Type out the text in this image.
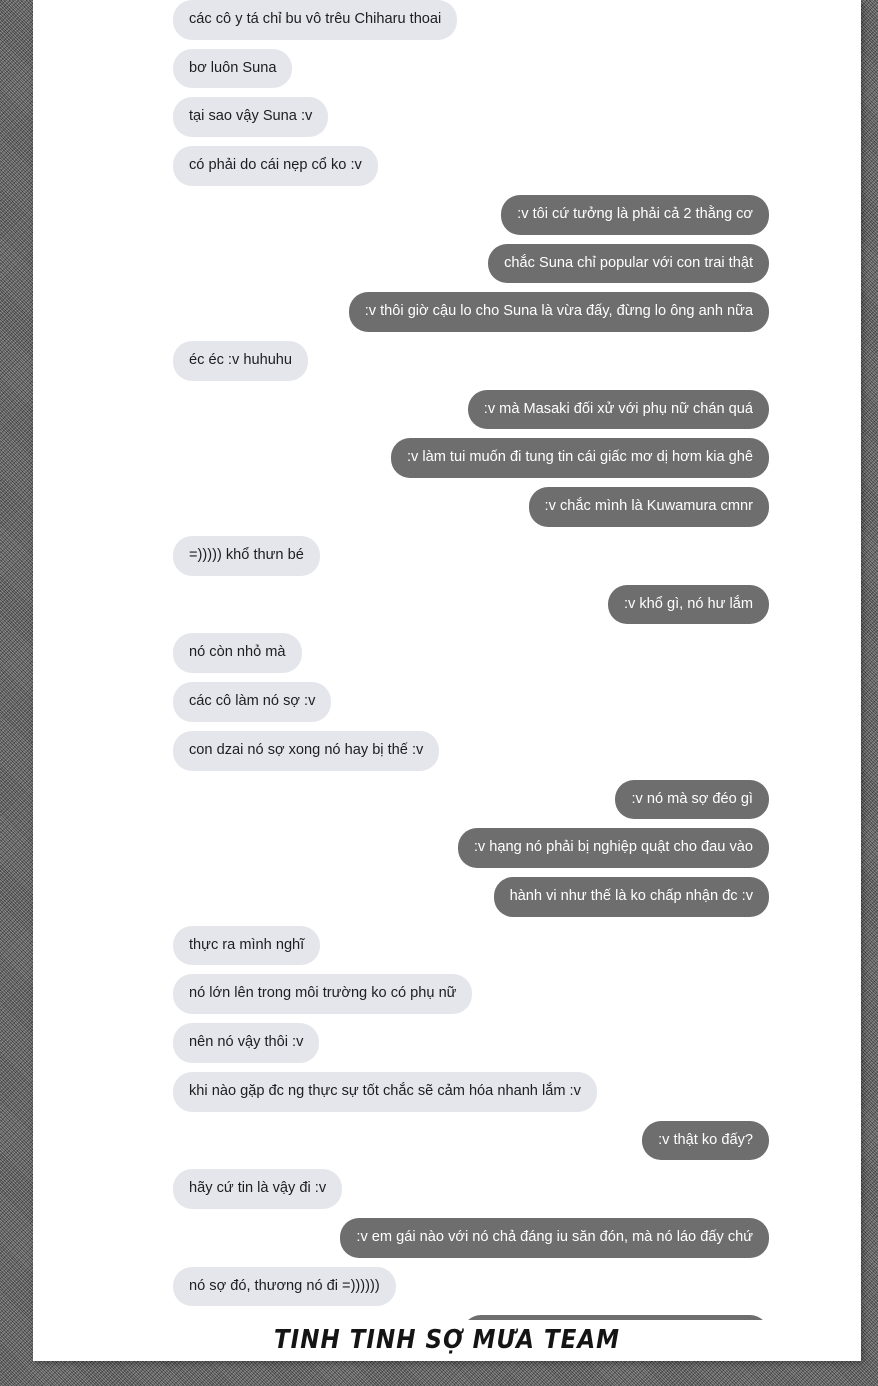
các cô y tá chỉ bu vô trêu Chiharu thoai
bơ luôn Suna
tại sao vậy Suna :v
có phải do cái nẹp cổ ko :v
:v tôi cứ tưởng là phải cả 2 thằng cơ
chắc Suna chỉ popular với con trai thật
:v thôi giờ cậu lo cho Suna là vừa đấy, đừng lo ông anh nữa
éc éc :v huhuhu
:v mà Masaki đối xử với phụ nữ chán quá
:v làm tui muốn đi tung tin cái giấc mơ dị hơm kia ghê
:v chắc mình là Kuwamura cmnr
=))))) khổ thưn bé
:v khổ gì, nó hư lắm
nó còn nhỏ mà
các cô làm nó sợ :v
con dzai nó sợ xong nó hay bị thế :v
:v nó mà sợ đéo gì
:v hạng nó phải bị nghiệp quật cho đau vào
hành vi như thế là ko chấp nhận đc :v
thực ra mình nghĩ
nó lớn lên trong môi trường ko có phụ nữ
nên nó vậy thôi :v
khi nào gặp đc ng thực sự tốt chắc sẽ cảm hóa nhanh lắm :v
:v thật ko đấy?
hãy cứ tin là vậy đi :v
:v em gái nào với nó chả đáng iu săn đón, mà nó láo đấy chứ
nó sợ đó, thương nó đi =))))))
TINH TINH SỢ MƯA TEAM
